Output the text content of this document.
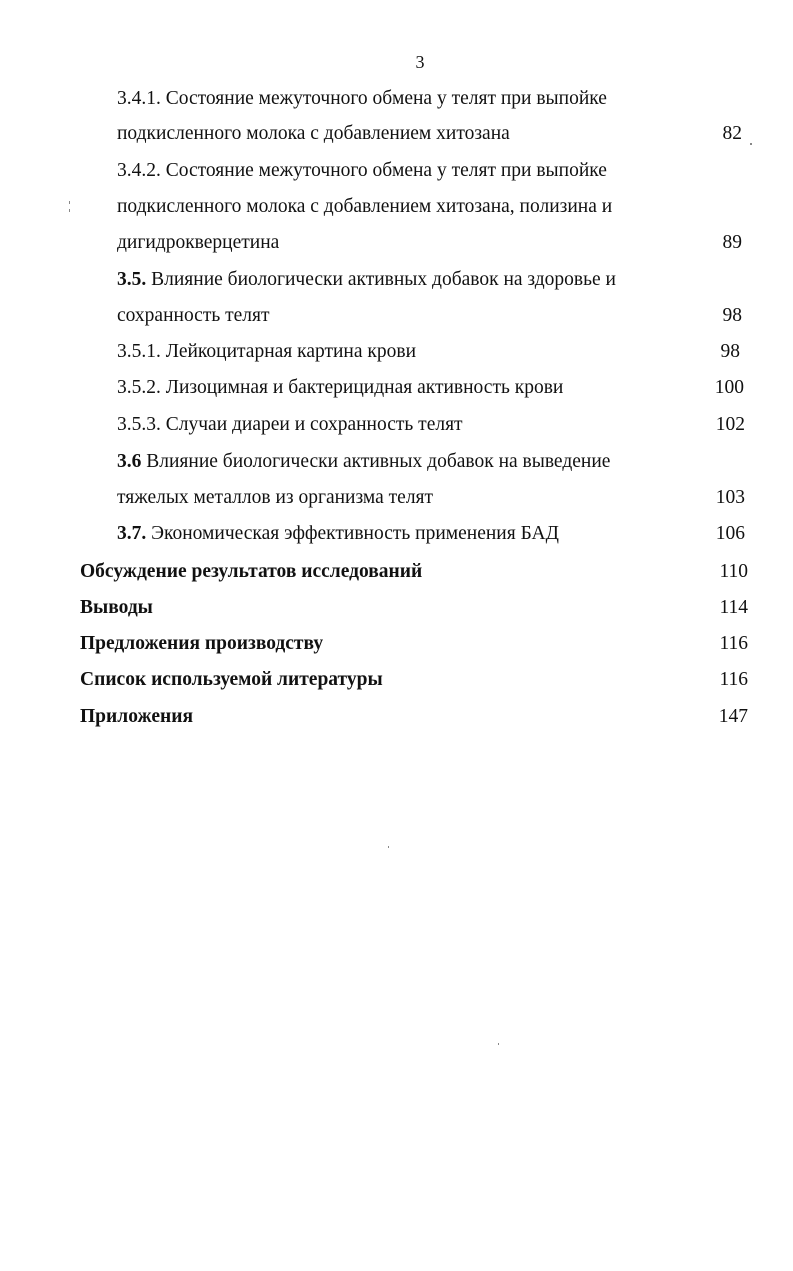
3
3.4.1. Состояние межуточного обмена у телят при выпойке
подкисленного молока с добавлением хитозана	82
3.4.2. Состояние межуточного обмена у телят при выпойке
подкисленного молока с добавлением хитозана, полизина и
дигидрокверцетина	89
3.5. Влияние биологически активных добавок на здоровье и
сохранность телят	98
3.5.1. Лейкоцитарная картина крови	98
3.5.2. Лизоцимная и бактерицидная активность крови	100
3.5.3. Случаи диареи и сохранность телят	102
3.6 Влияние биологически активных добавок на выведение
тяжелых металлов из организма телят	103
3.7. Экономическая эффективность применения БАД	106
Обсуждение результатов исследований	110
Выводы	114
Предложения производству	116
Список используемой литературы	116
Приложения	147
